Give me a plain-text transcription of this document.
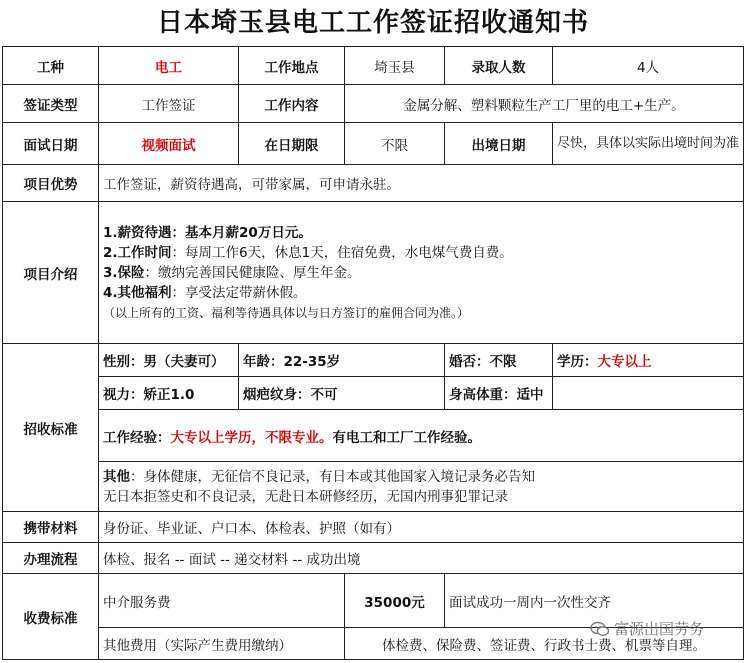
日本埼玉县电工工作签证招收通知书
工种	电工	工作地点	埼玉县	录取人数	4人
签证类型	工作签证	工作内容	金属分解、塑料颗粒生产工厂里的电工+生产。		
面试日期	视频面试	在日期限	不限	出境日期	尽快，具体以实际出境时间为准
项目优势	工作签证，薪资待遇高，可带家属，可申请永驻。				
项目介绍	1.薪资待遇：基本月薪20万日元。
2.工作时间：每周工作6天，休息1天，住宿免费，水电煤气费自费。
3.保险：缴纳完善国民健康险、厚生年金。
4.其他福利：享受法定带薪休假。
（以上所有的工资、福利等待遇具体以与日方签订的雇佣合同为准。）				

招收标准	性别：男（夫妻可）	年龄：22-35岁		婚否：不限	学历：大专以上
	视力：矫正1.0	烟疤纹身：不可		身高体重：适中	
	工作经验：大专以上学历，不限专业。有电工和工厂工作经验。				

	其他：身体健康，无征信不良记录，有日本或其他国家入境记录务必告知
无日本拒签史和不良记录，无赴日本研修经历，无国内刑事犯罪记录				

携带材料	身份证、毕业证、户口本、体检表、护照（如有）				
办理流程	体检、报名 -- 面试 -- 递交材料 -- 成功出境				
收费标准	中介服务费		35000元	面试成功一周内一次性交齐	
	其他费用（实际产生费用缴纳）		体检费、保险费、签证费、行政书士费、机票等自理。		
富源出国劳务
